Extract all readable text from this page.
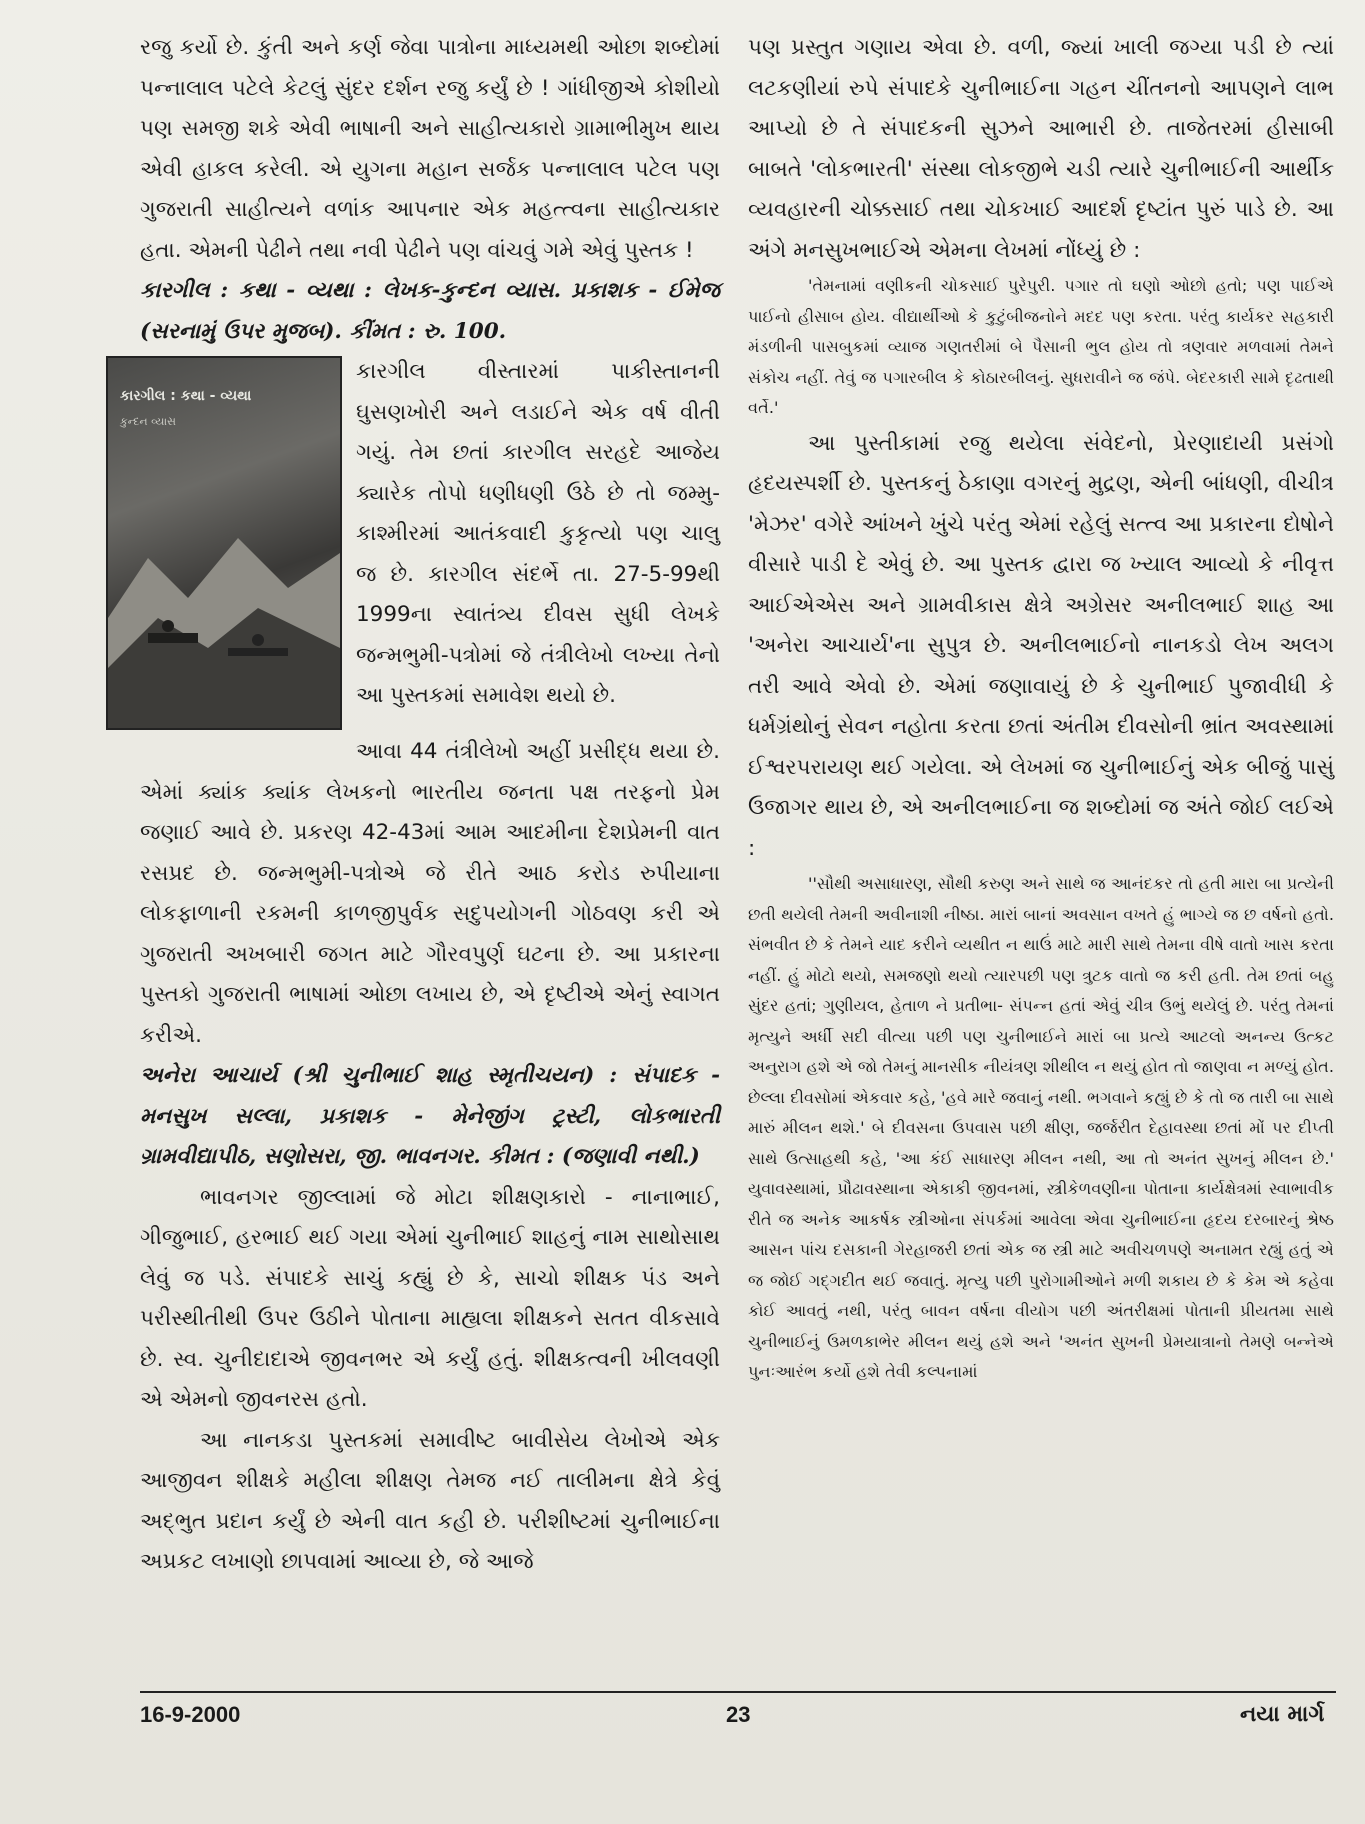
રજુ કર્યો છે. કુંતી અને કર્ણ જેવા પાત્રોના માધ્યમથી ઓછા શબ્દોમાં પન્નાલાલ પટેલે કેટલું સુંદર દર્શન રજુ કર્યું છે ! ગાંધીજીએ કોશીયો પણ સમજી શકે એવી ભાષાની અને સાહીત્યકારો ગ્રામાભીમુખ થાય એવી હાકલ કરેલી. એ યુગના મહાન સર્જક પન્નાલાલ પટેલ પણ ગુજરાતી સાહીત્યને વળાંક આપનાર એક મહત્ત્વના સાહીત્યકાર હતા. એમની પેઢીને તથા નવી પેઢીને પણ વાંચવું ગમે એવું પુસ્તક !

કારગીલ : કથા - વ્યથા : લેખક-કુન્દન વ્યાસ. પ્રકાશક - ઈમેજ (સરનામું ઉપર મુજબ). કીંમત : રુ. 100.

કારગીલ : કથા - વ્યથા
કુન્દન વ્યાસ

કારગીલ વીસ્તારમાં પાકીસ્તાનની ઘુસણખોરી અને લડાઈને એક વર્ષ વીતી ગયું. તેમ છતાં કારગીલ સરહદે આજેય ક્યારેક તોપો ધણીધણી ઉઠે છે તો જમ્મુ-કાશ્મીરમાં આતંકવાદી કુકૃત્યો પણ ચાલુ જ છે. કારગીલ સંદર્ભે તા. 27-5-99થી 1999ના સ્વાતંત્ર્ય દીવસ સુધી લેખકે જન્મભુમી-પત્રોમાં જે તંત્રીલેખો લખ્યા તેનો આ પુસ્તકમાં સમાવેશ થયો છે.

આવા 44 તંત્રીલેખો અહીં પ્રસીદ્ધ થયા છે. એમાં ક્યાંક ક્યાંક લેખકનો ભારતીય જનતા પક્ષ તરફનો પ્રેમ જણાઈ આવે છે. પ્રકરણ 42-43માં આમ આદમીના દેશપ્રેમની વાત રસપ્રદ છે. જન્મભુમી-પત્રોએ જે રીતે આઠ કરોડ રુપીયાના લોકફાળાની રકમની કાળજીપુર્વક સદુપયોગની ગોઠવણ કરી એ ગુજરાતી અખબારી જગત માટે ગૌરવપુર્ણ ઘટના છે. આ પ્રકારના પુસ્તકો ગુજરાતી ભાષામાં ઓછા લખાય છે, એ દૃષ્ટીએ એનું સ્વાગત કરીએ.

અનેરા આચાર્ય (શ્રી ચુનીભાઈ શાહ સ્મૃતીચયન) : સંપાદક - મનસુખ સલ્લા, પ્રકાશક - મેનેજીંગ ટ્રસ્ટી, લોકભારતી ગ્રામવીદ્યાપીઠ, સણોસરા, જી. ભાવનગર. કીમત : (જણાવી નથી.)

ભાવનગર જીલ્લામાં જે મોટા શીક્ષણકારો - નાનાભાઈ, ગીજુભાઈ, હરભાઈ થઈ ગયા એમાં ચુનીભાઈ શાહનું નામ સાથોસાથ લેવું જ પડે. સંપાદકે સાચું કહ્યું છે કે, સાચો શીક્ષક પંડ અને પરીસ્થીતીથી ઉપર ઉઠીને પોતાના માહ્યલા શીક્ષકને સતત વીકસાવે છે. સ્વ. ચુનીદાદાએ જીવનભર એ કર્યું હતું. શીક્ષકત્વની ખીલવણી એ એમનો જીવનરસ હતો.

આ નાનકડા પુસ્તકમાં સમાવીષ્ટ બાવીસેય લેખોએ એક આજીવન શીક્ષકે મહીલા શીક્ષણ તેમજ નઈ તાલીમના ક્ષેત્રે કેવું અદ્ભુત પ્રદાન કર્યું છે એની વાત કહી છે. પરીશીષ્ટમાં ચુનીભાઈના અપ્રકટ લખાણો છાપવામાં આવ્યા છે, જે આજે

પણ પ્રસ્તુત ગણાય એવા છે. વળી, જ્યાં ખાલી જગ્યા પડી છે ત્યાં લટકણીયાં રુપે સંપાદકે ચુનીભાઈના ગહન ચીંતનનો આપણને લાભ આપ્યો છે તે સંપાદકની સુઝને આભારી છે. તાજેતરમાં હીસાબી બાબતે 'લોકભારતી' સંસ્થા લોકજીભે ચડી ત્યારે ચુનીભાઈની આર્થીક વ્યવહારની ચોક્કસાઈ તથા ચોકખાઈ આદર્શ દૃષ્ટાંત પુરું પાડે છે. આ અંગે મનસુખભાઈએ એમના લેખમાં નોંધ્યું છે :

'તેમનામાં વણીકની ચોકસાઈ પુરેપુરી. પગાર તો ઘણો ઓછો હતો; પણ પાઈએ પાઈનો હીસાબ હોય. વીદ્યાર્થીઓ કે કુટુંબીજનોને મદદ પણ કરતા. પરંતુ કાર્યકર સહકારી મંડળીની પાસબુકમાં વ્યાજ ગણતરીમાં બે પૈસાની ભુલ હોય તો ત્રણવાર મળવામાં તેમને સંકોચ નહીં. તેવું જ પગારબીલ કે કોઠારબીલનું. સુધરાવીને જ જંપે. બેદરકારી સામે દૃઢતાથી વર્તે.'

આ પુસ્તીકામાં રજુ થયેલા સંવેદનો, પ્રેરણાદાયી પ્રસંગો હૃદયસ્પર્શી છે. પુસ્તકનું ઠેકાણા વગરનું મુદ્રણ, એની બાંધણી, વીચીત્ર 'મેઝર' વગેરે આંખને ખુંચે પરંતુ એમાં રહેલું સત્ત્વ આ પ્રકારના દોષોને વીસારે પાડી દે એવું છે. આ પુસ્તક દ્વારા જ ખ્યાલ આવ્યો કે નીવૃત્ત આઈએએસ અને ગ્રામવીકાસ ક્ષેત્રે અગ્રેસર અનીલભાઈ શાહ આ 'અનેરા આચાર્ય'ના સુપુત્ર છે. અનીલભાઈનો નાનકડો લેખ અલગ તરી આવે એવો છે. એમાં જણાવાયું છે કે ચુનીભાઈ પુજાવીધી કે ધર્મગ્રંથોનું સેવન નહોતા કરતા છતાં અંતીમ દીવસોની ભ્રાંત અવસ્થામાં ઈશ્વરપરાયણ થઈ ગયેલા. એ લેખમાં જ ચુનીભાઈનું એક બીજું પાસું ઉજાગર થાય છે, એ અનીલભાઈના જ શબ્દોમાં જ અંતે જોઈ લઈએ :

''સૌથી અસાધારણ, સૌથી કરુણ અને સાથે જ આનંદકર તો હતી મારા બા પ્રત્યેની છતી થયેલી તેમની અવીનાશી નીષ્ઠા. મારાં બાનાં અવસાન વખતે હું ભાગ્યે જ છ વર્ષનો હતો. સંભવીત છે કે તેમને યાદ કરીને વ્યથીત ન થાઉં માટે મારી સાથે તેમના વીષે વાતો ખાસ કરતા નહીં. હું મોટો થયો, સમજણો થયો ત્યારપછી પણ ત્રુટક વાતો જ કરી હતી. તેમ છતાં બહુ સુંદર હતાં; ગુણીયલ, હેતાળ ને પ્રતીભા- સંપન્ન હતાં એવું ચીત્ર ઉભું થયેલું છે. પરંતુ તેમનાં મૃત્યુને અર્ધી સદી વીત્યા પછી પણ ચુનીભાઈને મારાં બા પ્રત્યે આટલો અનન્ય ઉત્કટ અનુરાગ હશે એ જો તેમનું માનસીક નીયંત્રણ શીથીલ ન થયું હોત તો જાણવા ન મળ્યું હોત. છેલ્લા દીવસોમાં એકવાર કહે, 'હવે મારે જવાનું નથી. ભગવાને કહ્યું છે કે તો જ તારી બા સાથે મારું મીલન થશે.' બે દીવસના ઉપવાસ પછી ક્ષીણ, જર્જરીત દેહાવસ્થા છતાં મોં પર દીપ્તી સાથે ઉત્સાહથી કહે, 'આ કંઈ સાધારણ મીલન નથી, આ તો અનંત સુખનું મીલન છે.' યુવાવસ્થામાં, પ્રૌઢાવસ્થાના એકાકી જીવનમાં, સ્ત્રીકેળવણીના પોતાના કાર્યક્ષેત્રમાં સ્વાભાવીક રીતે જ અનેક આકર્ષક સ્ત્રીઓના સંપર્કમાં આવેલા એવા ચુનીભાઈના હૃદય દરબારનું શ્રેષ્ઠ આસન પાંચ દસકાની ગેરહાજરી છતાં એક જ સ્ત્રી માટે અવીચળપણે અનામત રહ્યું હતું એ જ જોઈ ગદ્ગદીત થઈ જવાતું. મૃત્યુ પછી પુરોગામીઓને મળી શકાય છે કે કેમ એ કહેવા કોઈ આવતું નથી, પરંતુ બાવન વર્ષના વીયોગ પછી અંતરીક્ષમાં પોતાની પ્રીયતમા સાથે ચુનીભાઈનું ઉમળકાભેર મીલન થયું હશે અને 'અનંત સુખની પ્રેમયાત્રાનો તેમણે બન્નેએ પુનઃઆરંભ કર્યો હશે તેવી કલ્પનામાં

16-9-2000	23	નયા માર્ગ
